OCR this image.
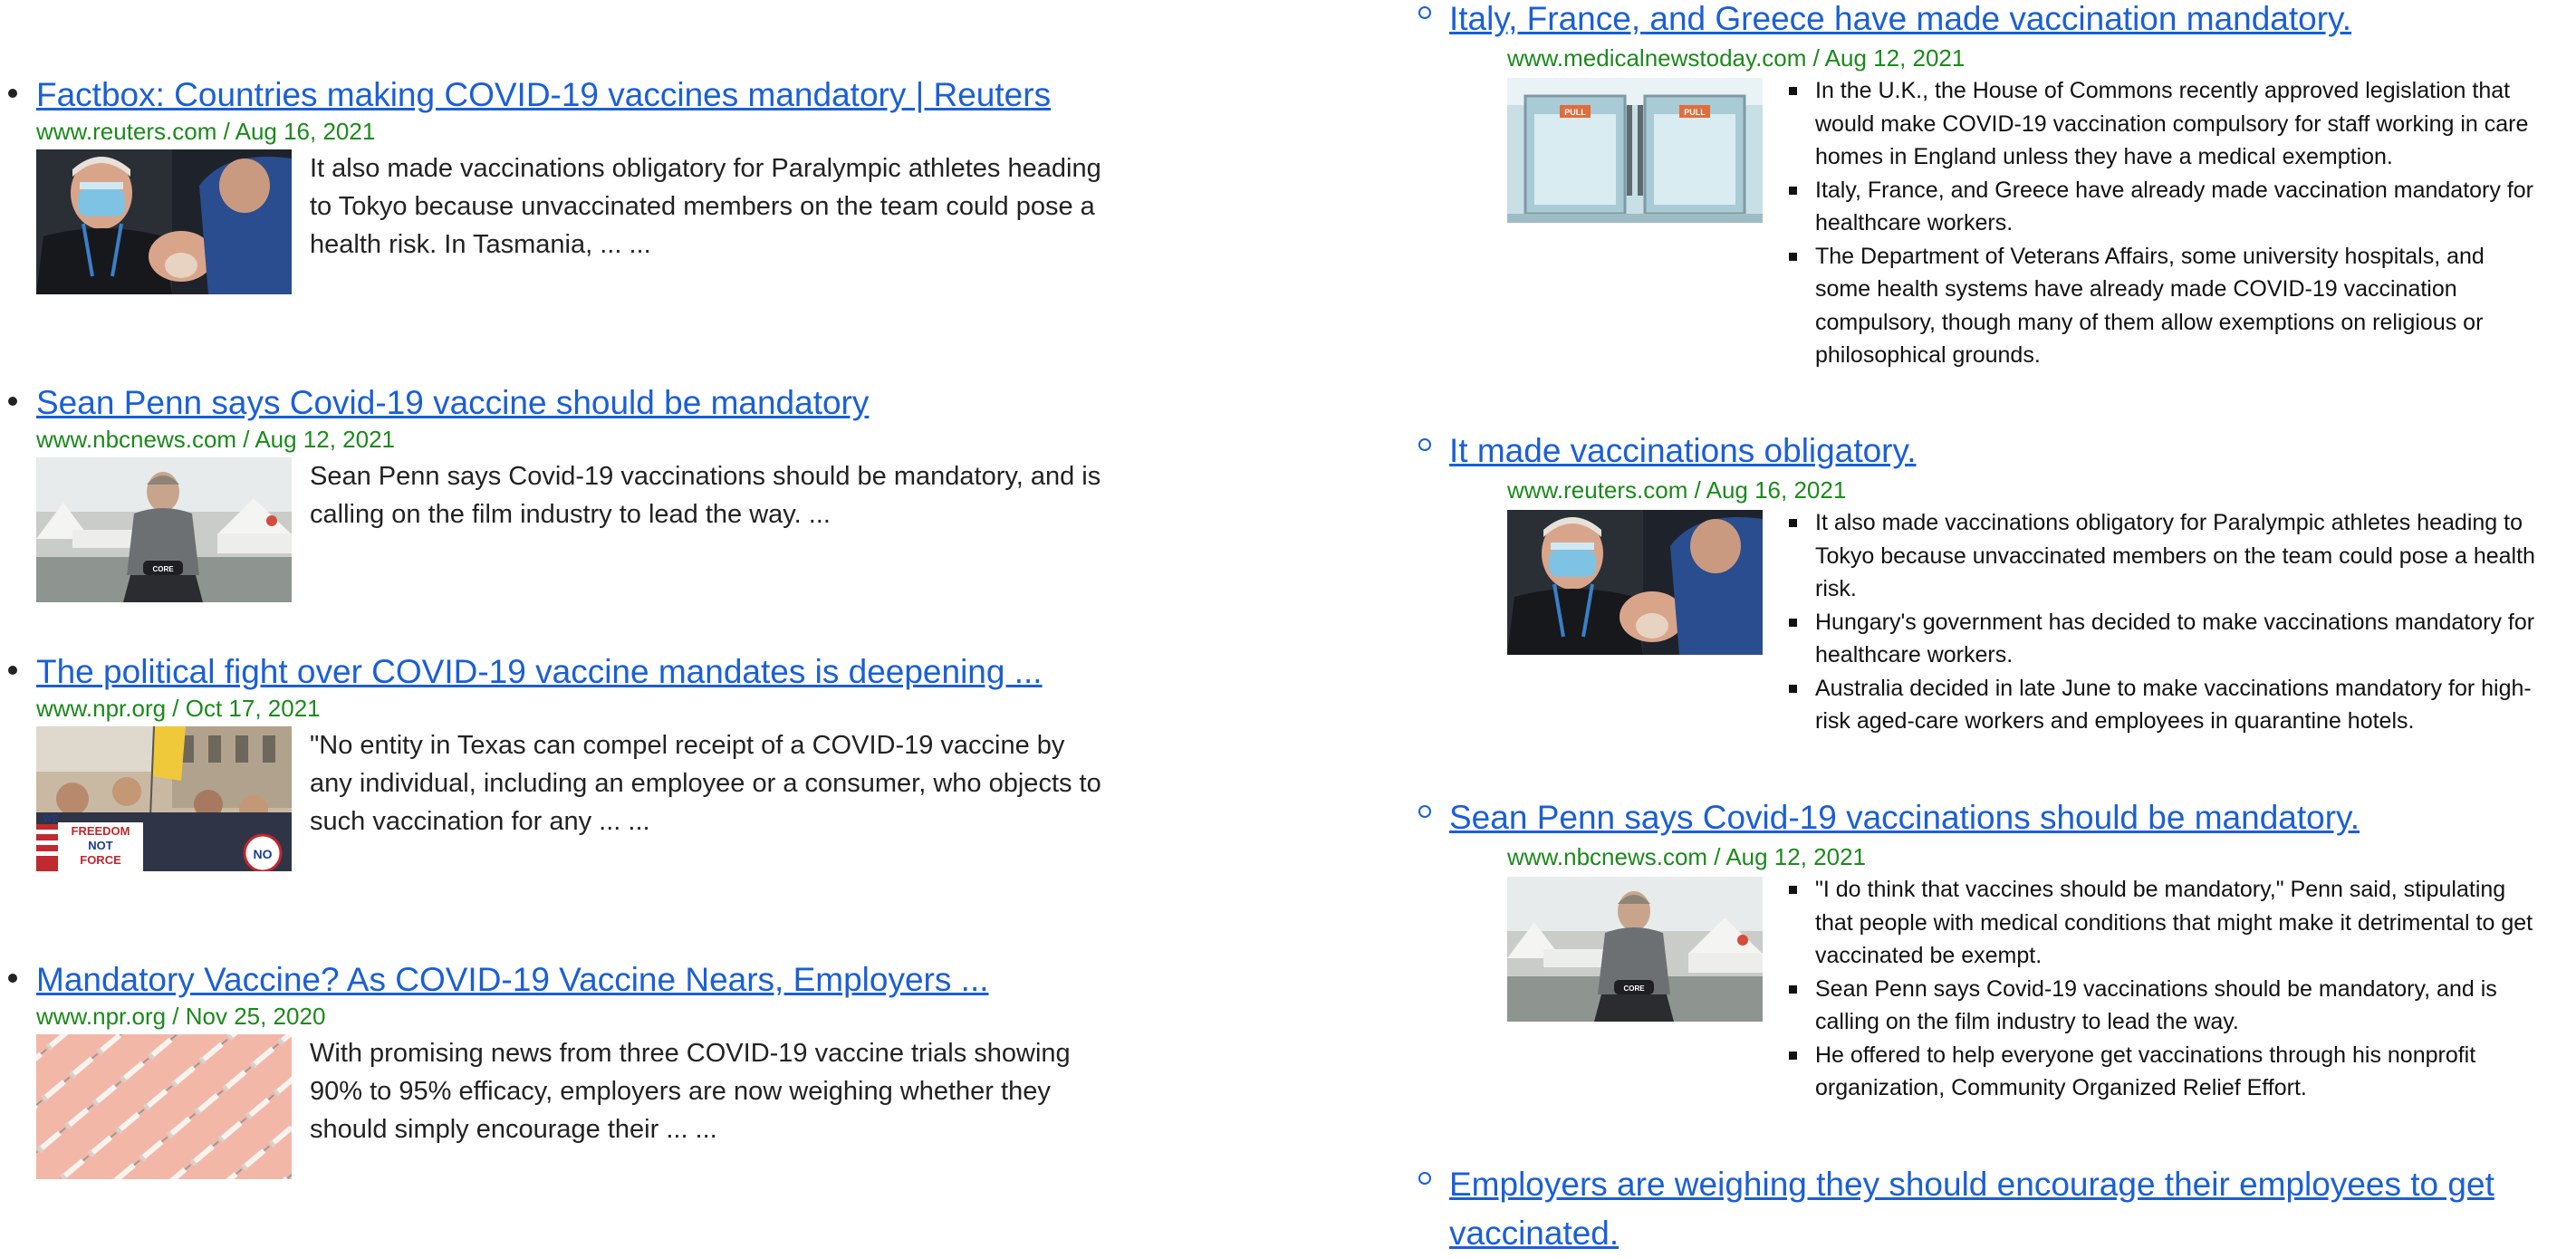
Factbox: Countries making COVID-19 vaccines mandatory | Reuters
www.reuters.com / Aug 16, 2021
It also made vaccinations obligatory for Paralympic athletes heading to Tokyo because unvaccinated members on the team could pose a health risk. In Tasmania, ... ...
Sean Penn says Covid-19 vaccine should be mandatory
www.nbcnews.com / Aug 12, 2021
CORE
Sean Penn says Covid-19 vaccinations should be mandatory, and is calling on the film industry to lead the way. ...
The political fight over COVID-19 vaccine mandates is deepening ...
www.npr.org / Oct 17, 2021
WE
FREEDOM
NOT
FORCE	NO
"No entity in Texas can compel receipt of a COVID-19 vaccine by any individual, including an employee or a consumer, who objects to such vaccination for any ... ...
Mandatory Vaccine? As COVID-19 Vaccine Nears, Employers ...
www.npr.org / Nov 25, 2020
With promising news from three COVID-19 vaccine trials showing 90% to 95% efficacy, employers are now weighing whether they should simply encourage their ... ...
Italy, France, and Greece have made vaccination mandatory.
www.medicalnewstoday.com / Aug 12, 2021
PULL	PULL
In the U.K., the House of Commons recently approved legislation that would make COVID-19 vaccination compulsory for staff working in care homes in England unless they have a medical exemption.
Italy, France, and Greece have already made vaccination mandatory for healthcare workers.
The Department of Veterans Affairs, some university hospitals, and some health systems have already made COVID-19 vaccination compulsory, though many of them allow exemptions on religious or philosophical grounds.
It made vaccinations obligatory.
www.reuters.com / Aug 16, 2021
It also made vaccinations obligatory for Paralympic athletes heading to Tokyo because unvaccinated members on the team could pose a health risk.
Hungary's government has decided to make vaccinations mandatory for healthcare workers.
Australia decided in late June to make vaccinations mandatory for high-risk aged-care workers and employees in quarantine hotels.
Sean Penn says Covid-19 vaccinations should be mandatory.
www.nbcnews.com / Aug 12, 2021
CORE
"I do think that vaccines should be mandatory," Penn said, stipulating that people with medical conditions that might make it detrimental to get vaccinated be exempt.
Sean Penn says Covid-19 vaccinations should be mandatory, and is calling on the film industry to lead the way.
He offered to help everyone get vaccinations through his nonprofit organization, Community Organized Relief Effort.
Employers are weighing they should encourage their employees to get vaccinated.
